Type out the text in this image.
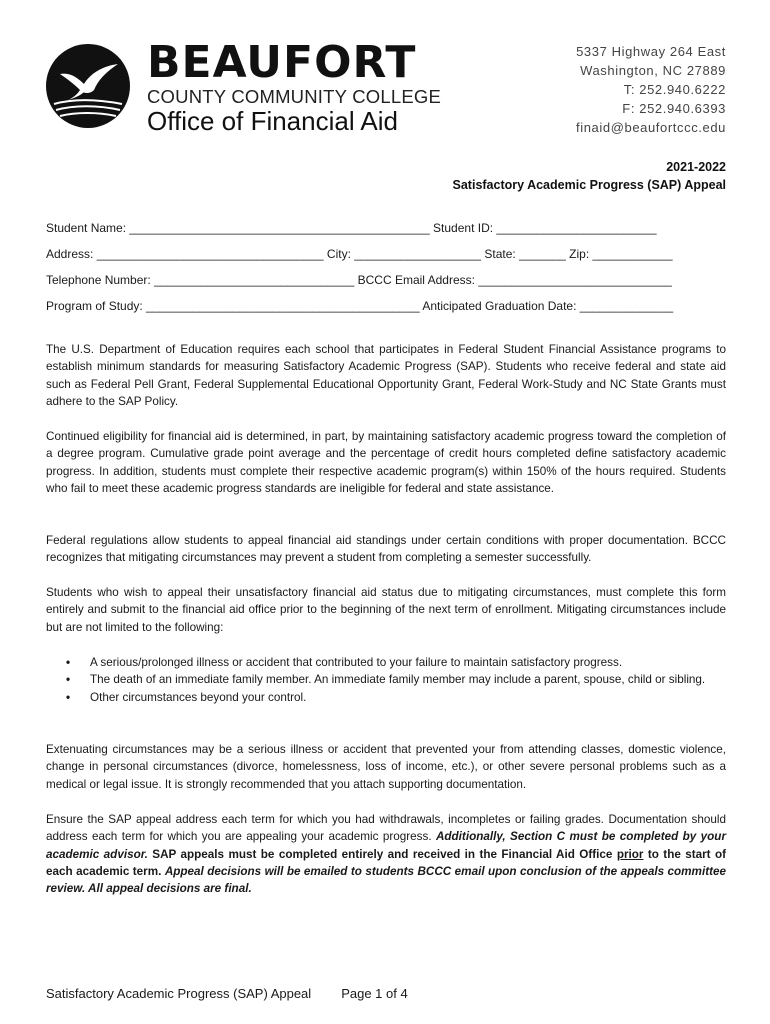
BEAUFORT
COUNTY COMMUNITY COLLEGE
Office of Financial Aid
5337 Highway 264 East
Washington, NC 27889
T: 252.940.6222
F: 252.940.6393
finaid@beaufortccc.edu
2021-2022
Satisfactory Academic Progress (SAP) Appeal
Student Name: _____________________________________________ Student ID: ________________________
Address: __________________________________ City: ___________________ State: _______ Zip: ____________
Telephone Number: ______________________________ BCCC Email Address: _____________________________
Program of Study: _________________________________________ Anticipated Graduation Date: ______________

The U.S. Department of Education requires each school that participates in Federal Student Financial Assistance programs to establish minimum standards for measuring Satisfactory Academic Progress (SAP). Students who receive federal and state aid such as Federal Pell Grant, Federal Supplemental Educational Opportunity Grant, Federal Work-Study and NC State Grants must adhere to the SAP Policy.

Continued eligibility for financial aid is determined, in part, by maintaining satisfactory academic progress toward the completion of a degree program. Cumulative grade point average and the percentage of credit hours completed define satisfactory academic progress. In addition, students must complete their respective academic program(s) within 150% of the hours required. Students who fail to meet these academic progress standards are ineligible for federal and state assistance.

Federal regulations allow students to appeal financial aid standings under certain conditions with proper documentation. BCCC recognizes that mitigating circumstances may prevent a student from completing a semester successfully.

Students who wish to appeal their unsatisfactory financial aid status due to mitigating circumstances, must complete this form entirely and submit to the financial aid office prior to the beginning of the next term of enrollment. Mitigating circumstances include but are not limited to the following:

• A serious/prolonged illness or accident that contributed to your failure to maintain satisfactory progress.
• The death of an immediate family member. An immediate family member may include a parent, spouse, child or sibling.
• Other circumstances beyond your control.

Extenuating circumstances may be a serious illness or accident that prevented your from attending classes, domestic violence, change in personal circumstances (divorce, homelessness, loss of income, etc.), or other severe personal problems such as a medical or legal issue. It is strongly recommended that you attach supporting documentation.

Ensure the SAP appeal address each term for which you had withdrawals, incompletes or failing grades. Documentation should address each term for which you are appealing your academic progress. Additionally, Section C must be completed by your academic advisor. SAP appeals must be completed entirely and received in the Financial Aid Office prior to the start of each academic term. Appeal decisions will be emailed to students BCCC email upon conclusion of the appeals committee review. All appeal decisions are final.

Satisfactory Academic Progress (SAP) Appeal Page 1 of 4
